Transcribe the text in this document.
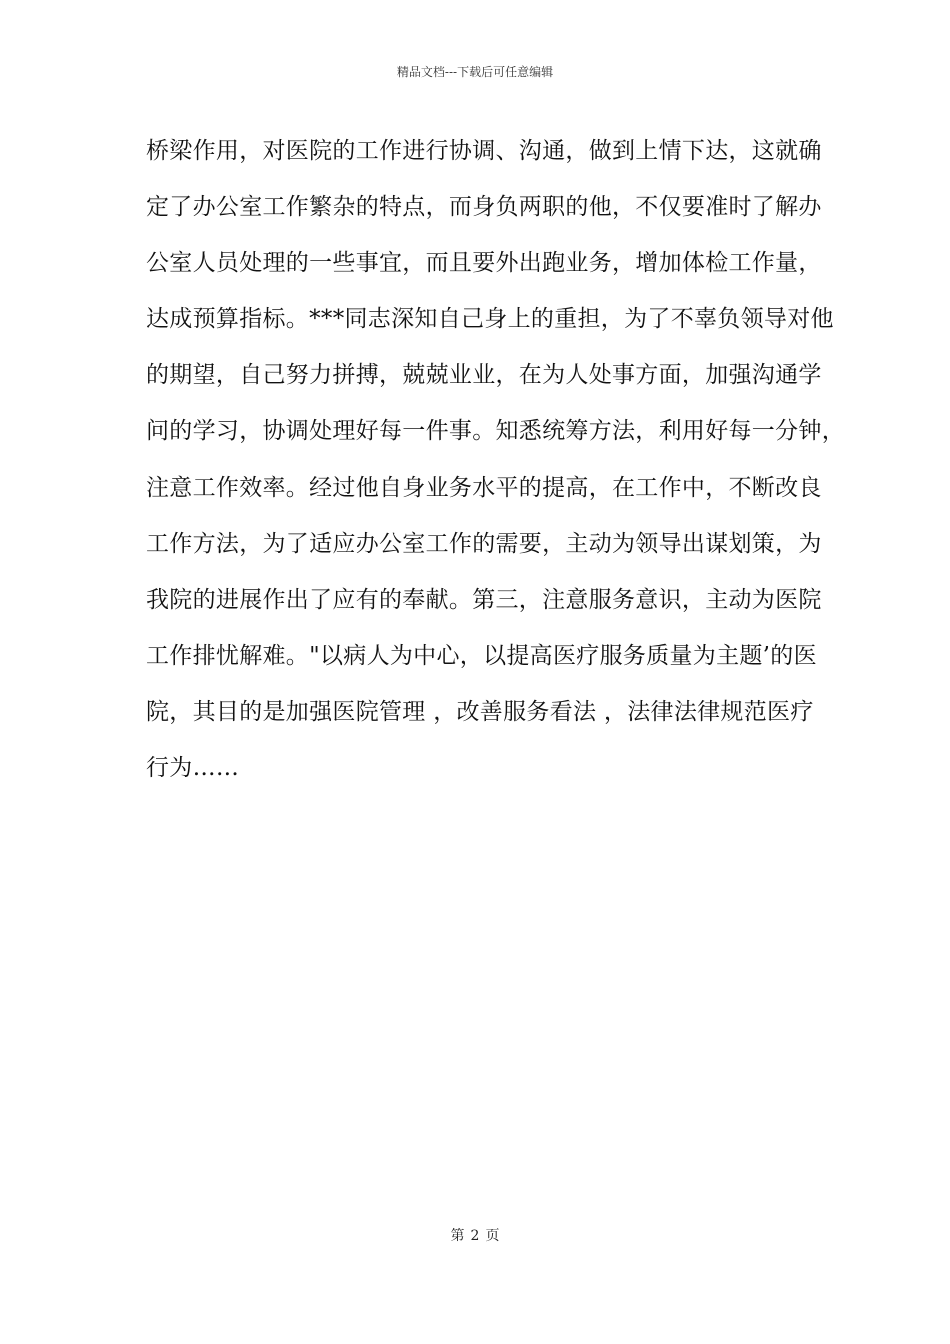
精品文档---下载后可任意编辑
桥梁作用，对医院的工作进行协调、沟通，做到上情下达，这就确
定了办公室工作繁杂的特点，而身负两职的他，不仅要准时了解办
公室人员处理的一些事宜，而且要外出跑业务，增加体检工作量，
达成预算指标。***同志深知自己身上的重担，为了不辜负领导对他
的期望，自己努力拼搏，兢兢业业，在为人处事方面，加强沟通学
问的学习，协调处理好每一件事。知悉统筹方法，利用好每一分钟，
注意工作效率。经过他自身业务水平的提高，在工作中，不断改良
工作方法，为了适应办公室工作的需要，主动为领导出谋划策，为
我院的进展作出了应有的奉献。第三，注意服务意识，主动为医院
工作排忧解难。"以病人为中心，以提高医疗服务质量为主题’的医
院，其目的是加强医院管理 ，改善服务看法 ，法律法律规范医疗
行为……
第 2 页
